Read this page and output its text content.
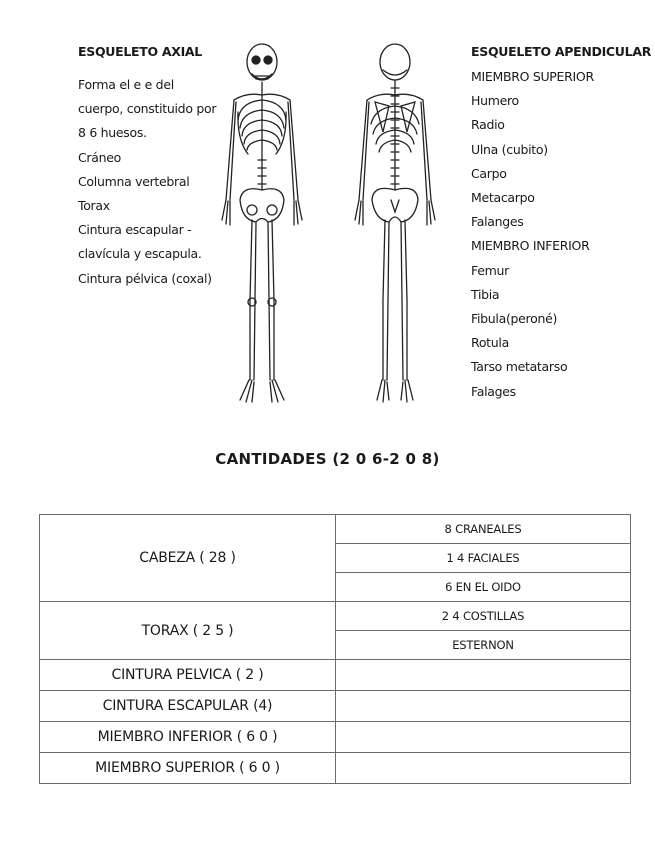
ESQUELETO AXIAL
Forma el e e del
cuerpo, constituido por
8 6 huesos.
Cráneo
Columna vertebral
Torax
Cintura escapular -
clavícula y escapula.
Cintura pélvica (coxal)
ESQUELETO APENDICULAR
MIEMBRO SUPERIOR
Humero
Radio
Ulna (cubito)
Carpo
Metacarpo
Falanges
MIEMBRO INFERIOR
Femur
Tibia
Fibula(peroné)
Rotula
Tarso metatarso
Falages
CANTIDADES (2 0 6-2 0 8)
CABEZA ( 28 )	8 CRANEALES
	1 4 FACIALES
	6 EN EL OIDO
TORAX ( 2 5 )	2 4 COSTILLAS
	ESTERNON
CINTURA PELVICA ( 2 )	
CINTURA ESCAPULAR (4)	
MIEMBRO INFERIOR ( 6 0 )	
MIEMBRO SUPERIOR ( 6 0 )	
